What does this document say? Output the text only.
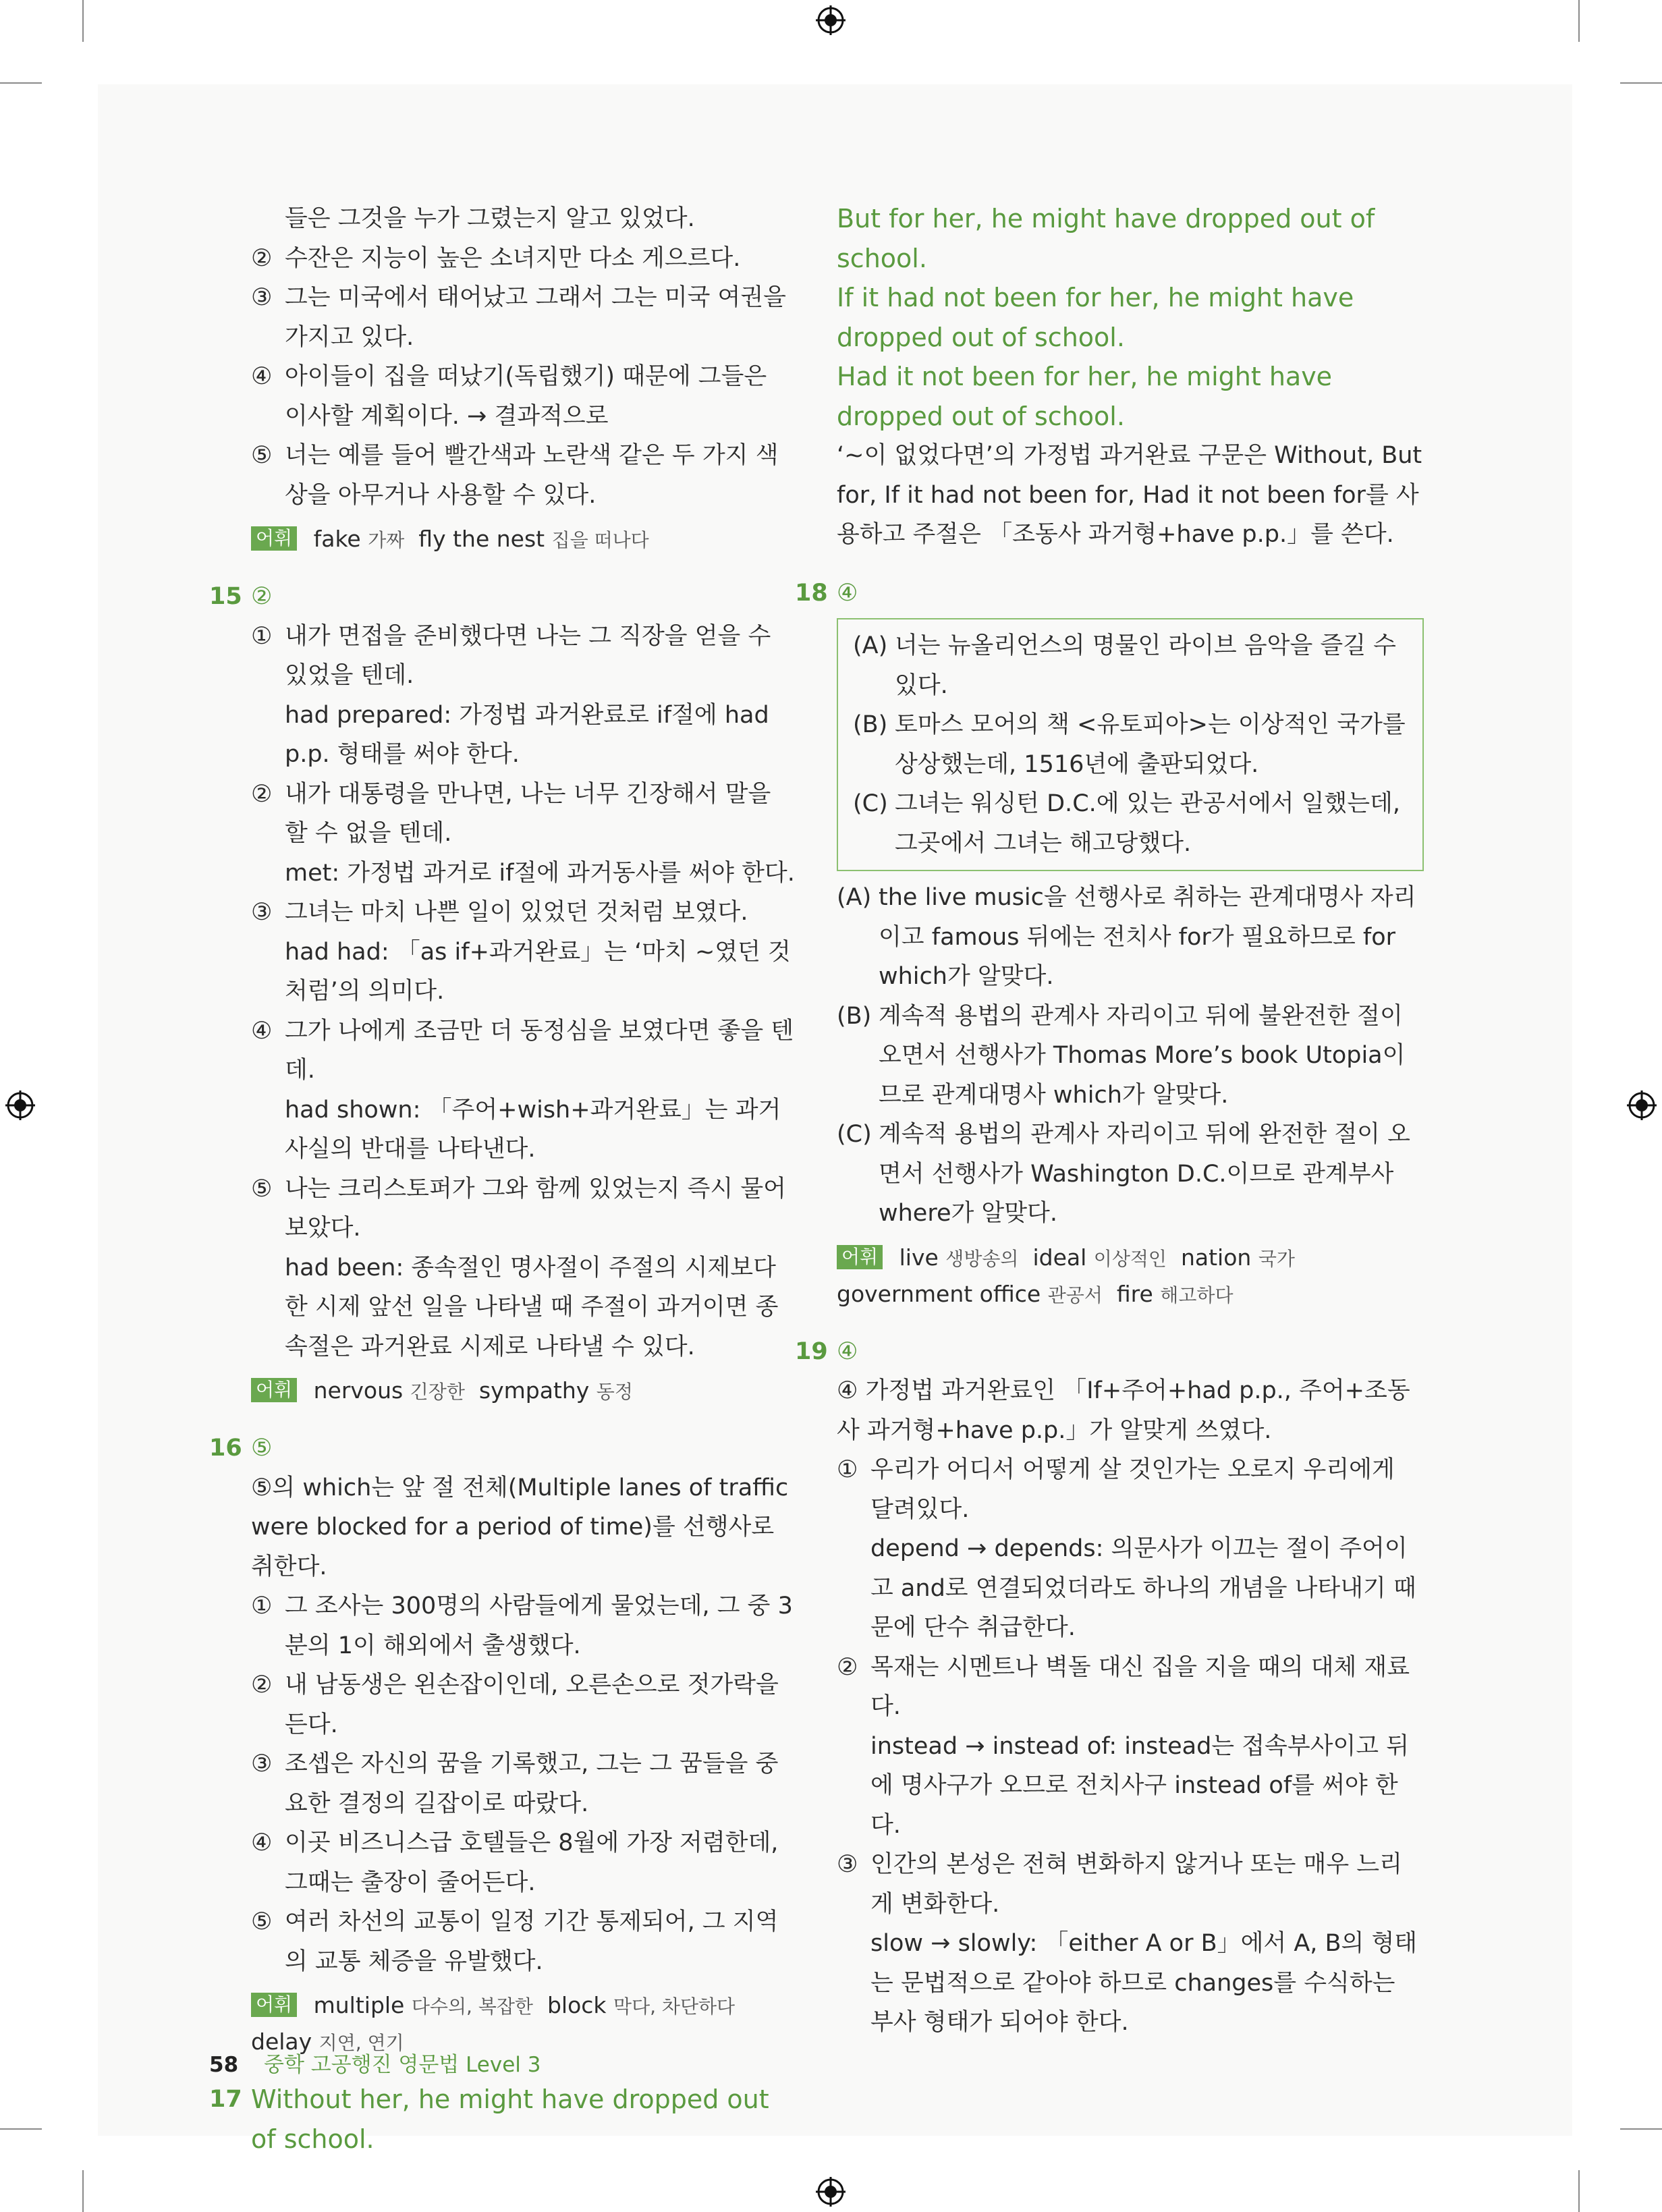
들은 그것을 누가 그렸는지 알고 있었다.
② 수잔은 지능이 높은 소녀지만 다소 게으르다.
③ 그는 미국에서 태어났고 그래서 그는 미국 여권을 가지고 있다.
④ 아이들이 집을 떠났기(독립했기) 때문에 그들은 이사할 계획이다. → 결과적으로
⑤ 너는 예를 들어 빨간색과 노란색 같은 두 가지 색상을 아무거나 사용할 수 있다.
어휘 fake 가짜 fly the nest 집을 떠나다
15 ②
① 내가 면접을 준비했다면 나는 그 직장을 얻을 수 있었을 텐데.
had prepared: 가정법 과거완료로 if절에 had p.p. 형태를 써야 한다.
② 내가 대통령을 만나면, 나는 너무 긴장해서 말을 할 수 없을 텐데.
met: 가정법 과거로 if절에 과거동사를 써야 한다.
③ 그녀는 마치 나쁜 일이 있었던 것처럼 보였다.
had had: 「as if+과거완료」는 ‘마치 ~였던 것처럼’의 의미다.
④ 그가 나에게 조금만 더 동정심을 보였다면 좋을 텐데.
had shown: 「주어+wish+과거완료」는 과거 사실의 반대를 나타낸다.
⑤ 나는 크리스토퍼가 그와 함께 있었는지 즉시 물어보았다.
had been: 종속절인 명사절이 주절의 시제보다 한 시제 앞선 일을 나타낼 때 주절이 과거이면 종속절은 과거완료 시제로 나타낼 수 있다.
어휘 nervous 긴장한 sympathy 동정
16 ⑤
⑤의 which는 앞 절 전체(Multiple lanes of traffic were blocked for a period of time)를 선행사로 취한다.
① 그 조사는 300명의 사람들에게 물었는데, 그 중 3분의 1이 해외에서 출생했다.
② 내 남동생은 왼손잡이인데, 오른손으로 젓가락을 든다.
③ 조셉은 자신의 꿈을 기록했고, 그는 그 꿈들을 중요한 결정의 길잡이로 따랐다.
④ 이곳 비즈니스급 호텔들은 8월에 가장 저렴한데, 그때는 출장이 줄어든다.
⑤ 여러 차선의 교통이 일정 기간 통제되어, 그 지역의 교통 체증을 유발했다.
어휘 multiple 다수의, 복잡한 block 막다, 차단하다
delay 지연, 연기
17 Without her, he might have dropped out of school.
But for her, he might have dropped out of school.
If it had not been for her, he might have dropped out of school.
Had it not been for her, he might have dropped out of school.
‘~이 없었다면’의 가정법 과거완료 구문은 Without, But for, If it had not been for, Had it not been for를 사용하고 주절은 「조동사 과거형+have p.p.」를 쓴다.
18 ④
(A) 너는 뉴올리언스의 명물인 라이브 음악을 즐길 수 있다.
(B) 토마스 모어의 책 <유토피아>는 이상적인 국가를 상상했는데, 1516년에 출판되었다.
(C) 그녀는 워싱턴 D.C.에 있는 관공서에서 일했는데, 그곳에서 그녀는 해고당했다.
(A) the live music을 선행사로 취하는 관계대명사 자리이고 famous 뒤에는 전치사 for가 필요하므로 for which가 알맞다.
(B) 계속적 용법의 관계사 자리이고 뒤에 불완전한 절이 오면서 선행사가 Thomas More’s book Utopia이므로 관계대명사 which가 알맞다.
(C) 계속적 용법의 관계사 자리이고 뒤에 완전한 절이 오면서 선행사가 Washington D.C.이므로 관계부사 where가 알맞다.
어휘 live 생방송의 ideal 이상적인 nation 국가
government office 관공서 fire 해고하다
19 ④
④ 가정법 과거완료인 「If+주어+had p.p., 주어+조동사 과거형+have p.p.」가 알맞게 쓰였다.
① 우리가 어디서 어떻게 살 것인가는 오로지 우리에게 달려있다.
depend → depends: 의문사가 이끄는 절이 주어이고 and로 연결되었더라도 하나의 개념을 나타내기 때문에 단수 취급한다.
② 목재는 시멘트나 벽돌 대신 집을 지을 때의 대체 재료다.
instead → instead of: instead는 접속부사이고 뒤에 명사구가 오므로 전치사구 instead of를 써야 한다.
③ 인간의 본성은 전혀 변화하지 않거나 또는 매우 느리게 변화한다.
slow → slowly: 「either A or B」에서 A, B의 형태는 문법적으로 같아야 하므로 changes를 수식하는 부사 형태가 되어야 한다.
58 중학 고공행진 영문법 Level 3
